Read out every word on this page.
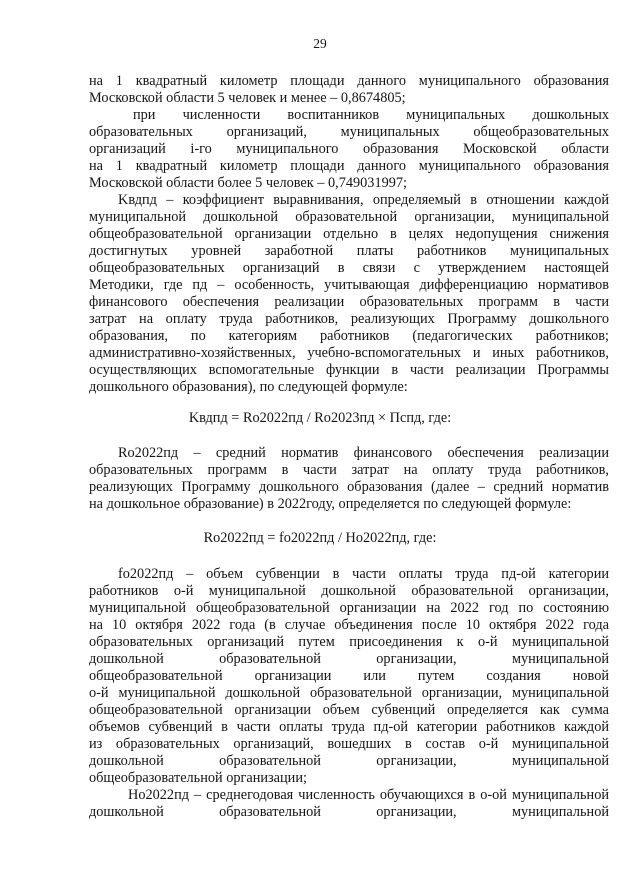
29
на 1 квадратный километр площади данного муниципального образования
Московской области 5 человек и менее – 0,8674805;
при численности воспитанников муниципальных дошкольных
образовательных организаций, муниципальных общеобразовательных
организаций i-го муниципального образования Московской области
на 1 квадратный километр площади данного муниципального образования
Московской области более 5 человек – 0,749031997;
Kвдпд – коэффициент выравнивания, определяемый в отношении каждой
муниципальной дошкольной образовательной организации, муниципальной
общеобразовательной организации отдельно в целях недопущения снижения
достигнутых уровней заработной платы работников муниципальных
общеобразовательных организаций в связи с утверждением настоящей
Методики, где пд – особенность, учитывающая дифференциацию нормативов
финансового обеспечения реализации образовательных программ в части
затрат на оплату труда работников, реализующих Программу дошкольного
образования, по категориям работников (педагогических работников;
административно-хозяйственных, учебно-вспомогательных и иных работников,
осуществляющих вспомогательные функции в части реализации Программы
дошкольного образования), по следующей формуле:
Kвдпд = Rо2022пд / Rо2023пд × Пспд, где:
Rо2022пд – средний норматив финансового обеспечения реализации
образовательных программ в части затрат на оплату труда работников,
реализующих Программу дошкольного образования (далее – средний норматив
на дошкольное образование) в 2022году, определяется по следующей формуле:
Rо2022пд = fо2022пд / Hо2022пд, где:
fо2022пд – объем субвенции в части оплаты труда пд-ой категории
работников о-й муниципальной дошкольной образовательной организации,
муниципальной общеобразовательной организации на 2022 год по состоянию
на 10 октября 2022 года (в случае объединения после 10 октября 2022 года
образовательных организаций путем присоединения к о-й муниципальной
дошкольной образовательной организации, муниципальной
общеобразовательной организации или путем создания новой
о-й муниципальной дошкольной образовательной организации, муниципальной
общеобразовательной организации объем субвенций определяется как сумма
объемов субвенций в части оплаты труда пд-ой категории работников каждой
из образовательных организаций, вошедших в состав о-й муниципальной
дошкольной образовательной организации, муниципальной
общеобразовательной организации;
Hо2022пд – среднегодовая численность обучающихся в о-ой муниципальной
дошкольной образовательной организации, муниципальной
